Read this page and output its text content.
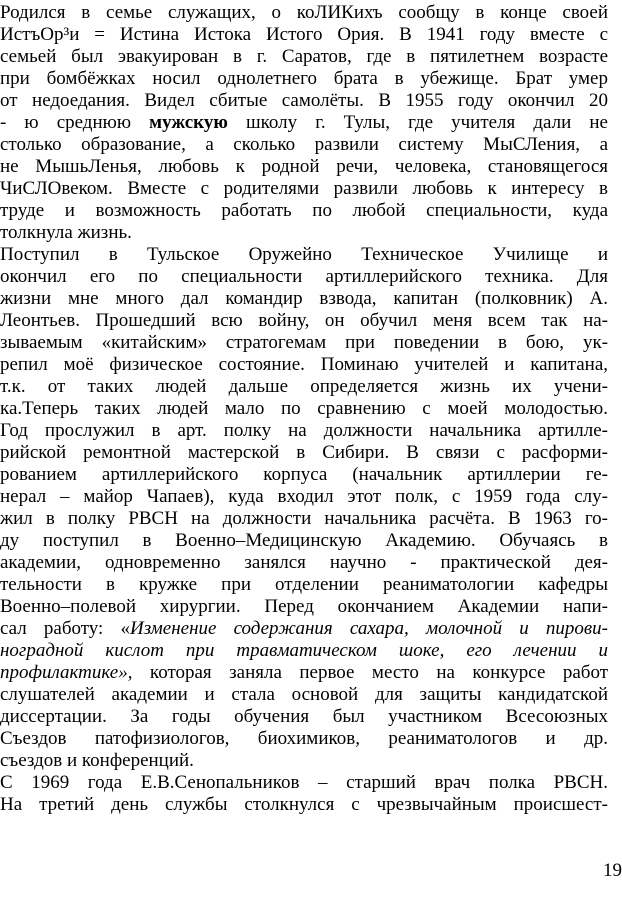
Родился в семье служащих, о коЛИКихъ сообщу в конце своей
ИстъОр³и = Истина Истока Истого Ория. В 1941 году вместе с
семьей был эвакуирован в г. Саратов, где в пятилетнем возрасте
при бомбёжках носил однолетнего брата в убежище. Брат умер
от недоедания. Видел сбитые самолёты. В 1955 году окончил 20
- ю среднюю мужскую школу г. Тулы, где учителя дали не
столько образование, а сколько развили систему МыСЛения, а
не МышьЛенья, любовь к родной речи, человека, становящегося
ЧиСЛОвеком. Вместе с родителями развили любовь к интересу в
труде и возможность работать по любой специальности, куда
толкнула жизнь.
Поступил в Тульское Оружейно Техническое Училище и
окончил его по специальности артиллерийского техника. Для
жизни мне много дал командир взвода, капитан (полковник) А.
Леонтьев. Прошедший всю войну, он обучил меня всем так на-
зываемым «китайским» стратогемам при поведении в бою, ук-
репил моё физическое состояние. Поминаю учителей и капитана,
т.к. от таких людей дальше определяется жизнь их учени-
ка.Теперь таких людей мало по сравнению с моей молодостью.
Год прослужил в арт. полку на должности начальника артилле-
рийской ремонтной мастерской в Сибири. В связи с расформи-
рованием артиллерийского корпуса (начальник артиллерии ге-
нерал – майор Чапаев), куда входил этот полк, с 1959 года слу-
жил в полку РВСН на должности начальника расчёта. В 1963 го-
ду поступил в Военно–Медицинскую Академию. Обучаясь в
академии, одновременно занялся научно - практической дея-
тельности в кружке при отделении реаниматологии кафедры
Военно–полевой хирургии. Перед окончанием Академии напи-
сал работу: «Изменение содержания сахара, молочной и пирови-
ноградной кислот при травматическом шоке, его лечении и
профилактике», которая заняла первое место на конкурсе работ
слушателей академии и стала основой для защиты кандидатской
диссертации. За годы обучения был участником Всесоюзных
Съездов патофизиологов, биохимиков, реаниматологов и др.
съездов и конференций.
С 1969 года Е.В.Сенопальников – старший врач полка РВСН.
На третий день службы столкнулся с чрезвычайным происшест-
19
